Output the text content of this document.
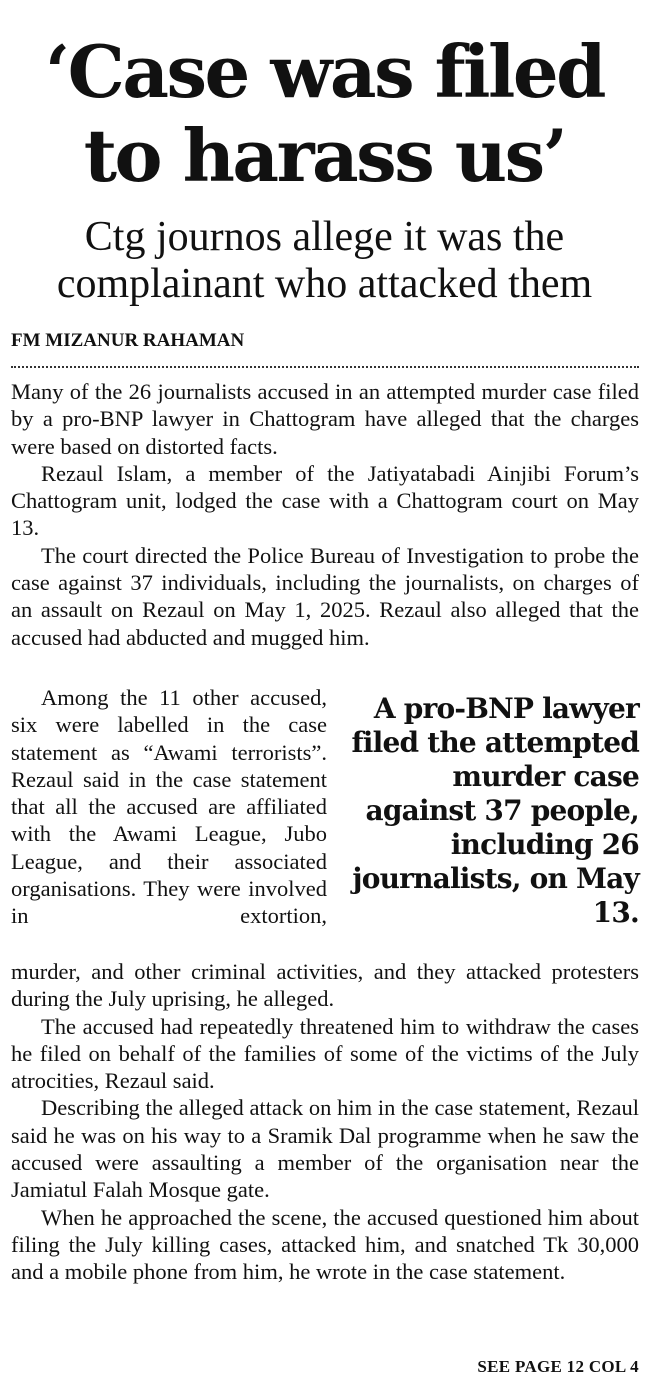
‘Case was filed to harass us’
Ctg journos allege it was the complainant who attacked them
FM MIZANUR RAHAMAN

Many of the 26 journalists accused in an attempted murder case filed by a pro-BNP lawyer in Chattogram have alleged that the charges were based on distorted facts.

Rezaul Islam, a member of the Jatiyatabadi Ainjibi Forum’s Chattogram unit, lodged the case with a Chattogram court on May 13.

The court directed the Police Bureau of Investigation to probe the case against 37 individuals, including the journalists, on charges of an assault on Rezaul on May 1, 2025. Rezaul also alleged that the accused had abducted and mugged him.

Among the 11 other accused, six were labelled in the case statement as “Awami terrorists”. Rezaul said in the case statement that all the accused are affiliated with the Awami League, Jubo League, and their associated organisations. They were involved in extortion,

A pro-BNP lawyer filed the attempted murder case against 37 people, including 26 journalists, on May 13.

murder, and other criminal activities, and they attacked protesters during the July uprising, he alleged.

The accused had repeatedly threatened him to withdraw the cases he filed on behalf of the families of some of the victims of the July atrocities, Rezaul said.

Describing the alleged attack on him in the case statement, Rezaul said he was on his way to a Sramik Dal programme when he saw the accused were assaulting a member of the organisation near the Jamiatul Falah Mosque gate.

When he approached the scene, the accused questioned him about filing the July killing cases, attacked him, and snatched Tk 30,000 and a mobile phone from him, he wrote in the case statement.

SEE PAGE 12 COL 4
